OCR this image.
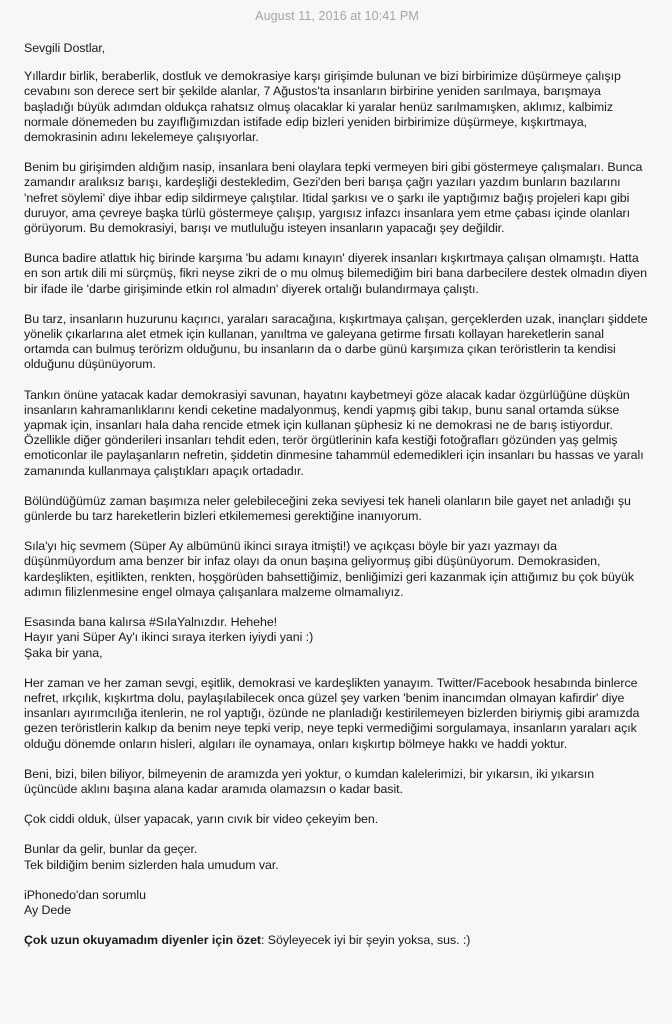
August 11, 2016 at 10:41 PM

Sevgili Dostlar,

Yıllardır birlik, beraberlik, dostluk ve demokrasiye karşı girişimde bulunan ve bizi birbirimize düşürmeye çalışıp cevabını son derece sert bir şekilde alanlar, 7 Ağustos'ta insanların birbirine yeniden sarılmaya, barışmaya başladığı büyük adımdan oldukça rahatsız olmuş olacaklar ki yaralar henüz sarılmamışken, aklımız, kalbimiz normale dönemeden bu zayıflığımızdan istifade edip bizleri yeniden birbirimize düşürmeye, kışkırtmaya, demokrasinin adını lekelemeye çalışıyorlar.

Benim bu girişimden aldığım nasip, insanlara beni olaylara tepki vermeyen biri gibi göstermeye çalışmaları. Bunca zamandır aralıksız barışı, kardeşliği destekledim, Gezi'den beri barışa çağrı yazıları yazdım bunların bazılarını 'nefret söylemi' diye ihbar edip sildirmeye çalıştılar. Itidal şarkısı ve o şarkı ile yaptığımız bağış projeleri kapı gibi duruyor, ama çevreye başka türlü göstermeye çalışıp, yargısız infazcı insanlara yem etme çabası içinde olanları görüyorum. Bu demokrasiyi, barışı ve mutluluğu isteyen insanların yapacağı şey değildir.

Bunca badire atlattık hiç birinde karşıma 'bu adamı kınayın' diyerek insanları kışkırtmaya çalışan olmamıştı. Hatta en son artık dili mi sürçmüş, fikri neyse zikri de o mu olmuş bilemediğim biri bana darbecilere destek olmadın diyen bir ifade ile 'darbe girişiminde etkin rol almadın' diyerek ortalığı bulandırmaya çalıştı.

Bu tarz, insanların huzurunu kaçırıcı, yaraları saracağına, kışkırtmaya çalışan, gerçeklerden uzak, inançları şiddete yönelik çıkarlarına alet etmek için kullanan, yanıltma ve galeyana getirme fırsatı kollayan hareketlerin sanal ortamda can bulmuş terörizm olduğunu, bu insanların da o darbe günü karşımıza çıkan teröristlerin ta kendisi olduğunu düşünüyorum.

Tankın önüne yatacak kadar demokrasiyi savunan, hayatını kaybetmeyi göze alacak kadar özgürlüğüne düşkün insanların kahramanlıklarını kendi ceketine madalyonmuş, kendi yapmış gibi takıp, bunu sanal ortamda sükse yapmak için, insanları hala daha rencide etmek için kullanan şüphesiz ki ne demokrasi ne de barış istiyordur. Özellikle diğer gönderileri insanları tehdit eden, terör örgütlerinin kafa kestiği fotoğrafları gözünden yaş gelmiş emoticonlar ile paylaşanların nefretin, şiddetin dinmesine tahammül edemedikleri için insanları bu hassas ve yaralı zamanında kullanmaya çalıştıkları apaçık ortadadır.

Bölündüğümüz zaman başımıza neler gelebileceğini zeka seviyesi tek haneli olanların bile gayet net anladığı şu günlerde bu tarz hareketlerin bizleri etkilememesi gerektiğine inanıyorum.

Sıla'yı hiç sevmem (Süper Ay albümünü ikinci sıraya itmişti!) ve açıkçası böyle bir yazı yazmayı da düşünmüyordum ama benzer bir infaz olayı da onun başına geliyormuş gibi düşünüyorum. Demokrasiden, kardeşlikten, eşitlikten, renkten, hoşgörüden bahsettiğimiz, benliğimizi geri kazanmak için attığımız bu çok büyük adımın filizlenmesine engel olmaya çalışanlara malzeme olmamalıyız.

Esasında bana kalırsa #SılaYalnızdır. Hehehe!
Hayır yani Süper Ay'ı ikinci sıraya iterken iyiydi yani :)
Şaka bir yana,

Her zaman ve her zaman sevgi, eşitlik, demokrasi ve kardeşlikten yanayım. Twitter/Facebook hesabında binlerce nefret, ırkçılık, kışkırtma dolu, paylaşılabilecek onca güzel şey varken 'benim inancımdan olmayan kafirdir' diye insanları ayırımcılığa itenlerin, ne rol yaptığı, özünde ne planladığı kestirilemeyen bizlerden biriymiş gibi aramızda gezen teröristlerin kalkıp da benim neye tepki verip, neye tepki vermediğimi sorgulamaya, insanların yaraları açık olduğu dönemde onların hisleri, algıları ile oynamaya, onları kışkırtıp bölmeye hakkı ve haddi yoktur.

Beni, bizi, bilen biliyor, bilmeyenin de aramızda yeri yoktur, o kumdan kalelerimizi, bir yıkarsın, iki yıkarsın üçüncüde aklını başına alana kadar aramıda olamazsın o kadar basit.

Çok ciddi olduk, ülser yapacak, yarın cıvık bir video çekeyim ben.

Bunlar da gelir, bunlar da geçer.
Tek bildiğim benim sizlerden hala umudum var.

iPhonedo'dan sorumlu
Ay Dede

Çok uzun okuyamadım diyenler için özet: Söyleyecek iyi bir şeyin yoksa, sus. :)
